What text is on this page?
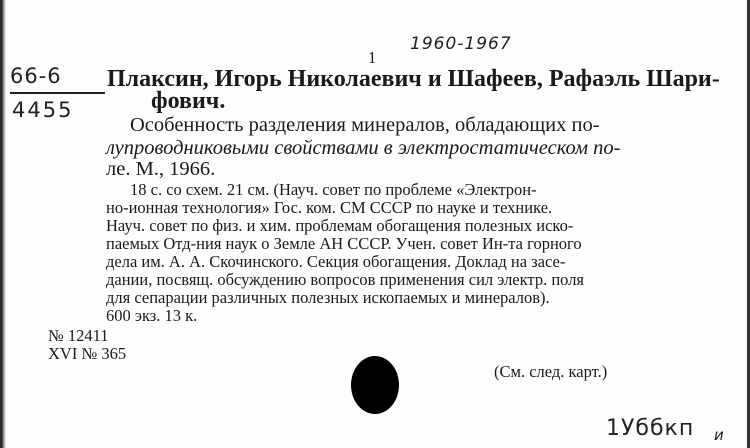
1
1960-1967
66-6
4455
Плаксин, Игорь Николаевич и Шафеев, Рафаэль Шари-
фович.
Особенность разделения минералов, обладающих по-
лупроводниковыми свойствами в электростатическом по-
ле. М., 1966.
18 с. со схем. 21 см. (Науч. совет по проблеме «Электрон-
но-ионная технология» Гос. ком. СМ СССР по науке и технике.
Науч. совет по физ. и хим. проблемам обогащения полезных иско-
паемых Отд-ния наук о Земле АН СССР. Учен. совет Ин-та горного
дела им. А. А. Скочинского. Секция обогащения. Доклад на засе-
дании, посвящ. обсуждению вопросов применения сил электр. поля
для сепарации различных полезных ископаемых и минералов).
600 экз. 13 к.
№ 12411
XVI № 365
(См. след. карт.)
1Уббкп и
